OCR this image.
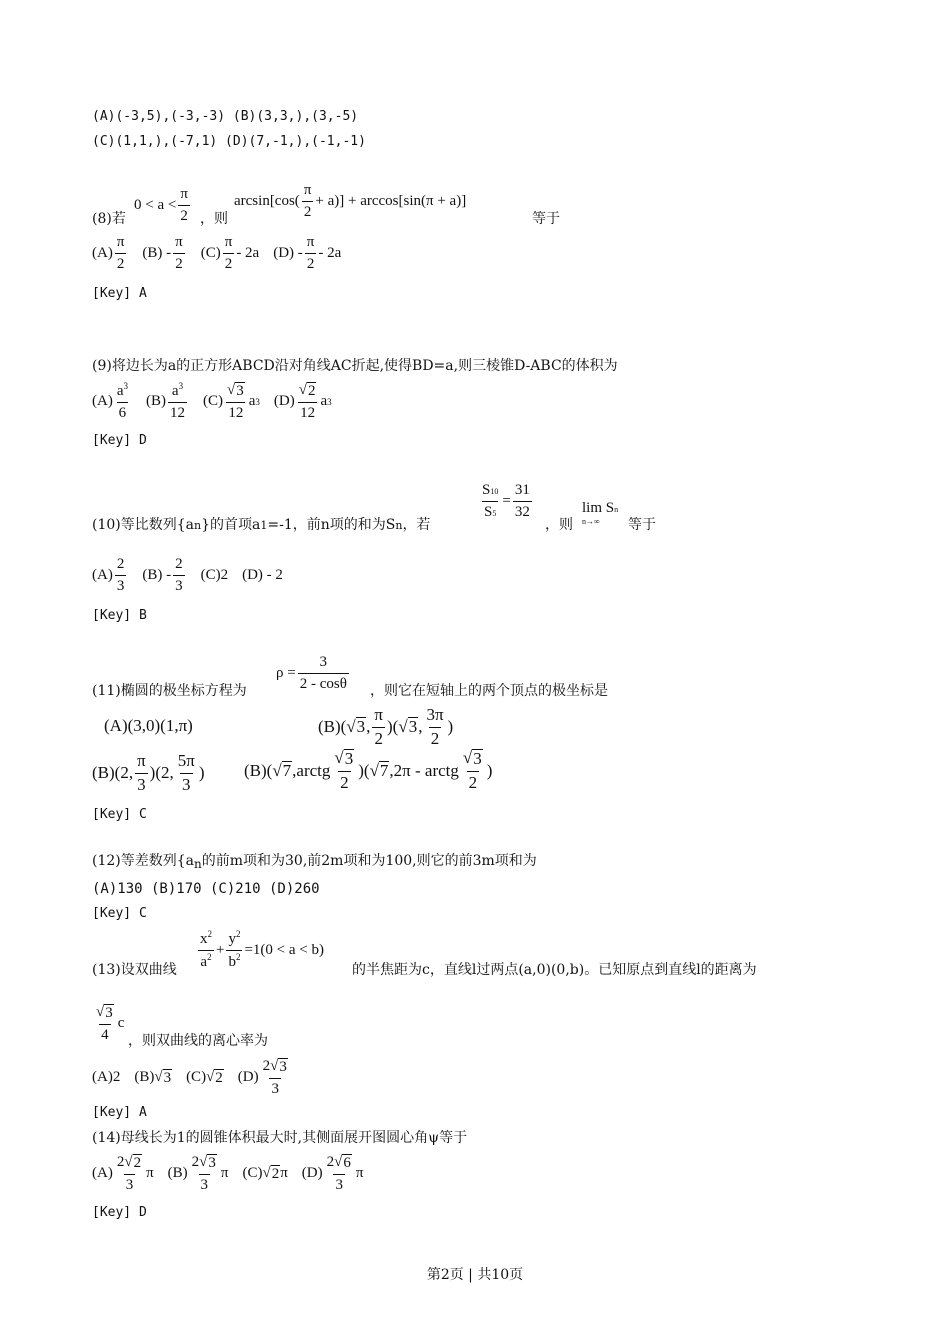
(A)(-3,5),(-3,-3) (B)(3,3,),(3,-5)
(C)(1,1,),(-7,1) (D)(7,-1,),(-1,-1)
$0 < a < \frac{\pi}{2}$	$\arcsin[\cos( \frac{\pi}{2} + a)] + \arccos[\sin(\pi + a)]$
(8)若	，则	等于
$(A) \frac{\pi}{2} (B) - \frac{\pi}{2} (C) \frac{\pi}{2} - 2a$ $(D) - \frac{\pi}{2} - 2a$
[Key] A
(9)将边长为a的正方形ABCD沿对角线AC折起,使得BD=a,则三棱锥D-ABC的体积为
$(A) \frac{a^3}{6} (B) \frac{a^3}{12} (C) \frac{√ 3}{12}$ a 3 $(D) \frac{√ 2}{12}$ a 3
[Key] D
$\frac{S10}{S5} = \frac{31}{32}$	lim Sn
n→∞
(10)等比数列{an}的首项a1=-1，前n项的和为Sn，若	，则	等于
$(A) \frac{2}{3} (B) - \frac{2}{3} (C)2$ (D) - 2
[Key] B
$\rho = \frac{3}{2 - \cos\theta}$
(11)椭圆的极坐标方程为	，则它在短轴上的两个顶点的极坐标是
(A)(3,0)(1,π)	(B)( √ 3 , $\frac{\pi}{2}$ )( √ 3 , $\frac{3\pi}{2}$ )
(B)(2, $\frac{\pi}{3} )(2$, $\frac{5\pi}{3}$ ) (B)( √ 7 ,arctg $\frac{√ 3}{2}$ )( √ 7 ,2π - arctg $\frac{√ 3}{2}$ )
[Key] C
(12)等差数列{an的前m项和为30,前2m项和为100,则它的前3m项和为
(A)130 (B)170 (C)210 (D)260
[Key] C
$\frac{x^2}{a^2} + \frac{y^2}{b^2} =1(0 < a < b)$
(13)设双曲线	的半焦距为c，直线l过两点(a,0)(0,b)。已知原点到直线l的距离为
$\frac{√ 3}{4}$ c
，则双曲线的离心率为
(A)2 (B) √ 3 (C) √ 2 $(D) \frac{2√ 3}{3}$
[Key] A
(14)母线长为1的圆锥体积最大时,其侧面展开图圆心角ψ等于
$(A) \frac{2√ 2}{3}$ π $(B) \frac{2√ 3}{3}$ π (C) √ 2 π $(D) \frac{2√ 6}{3}$ π
[Key] D
第2页 | 共10页
